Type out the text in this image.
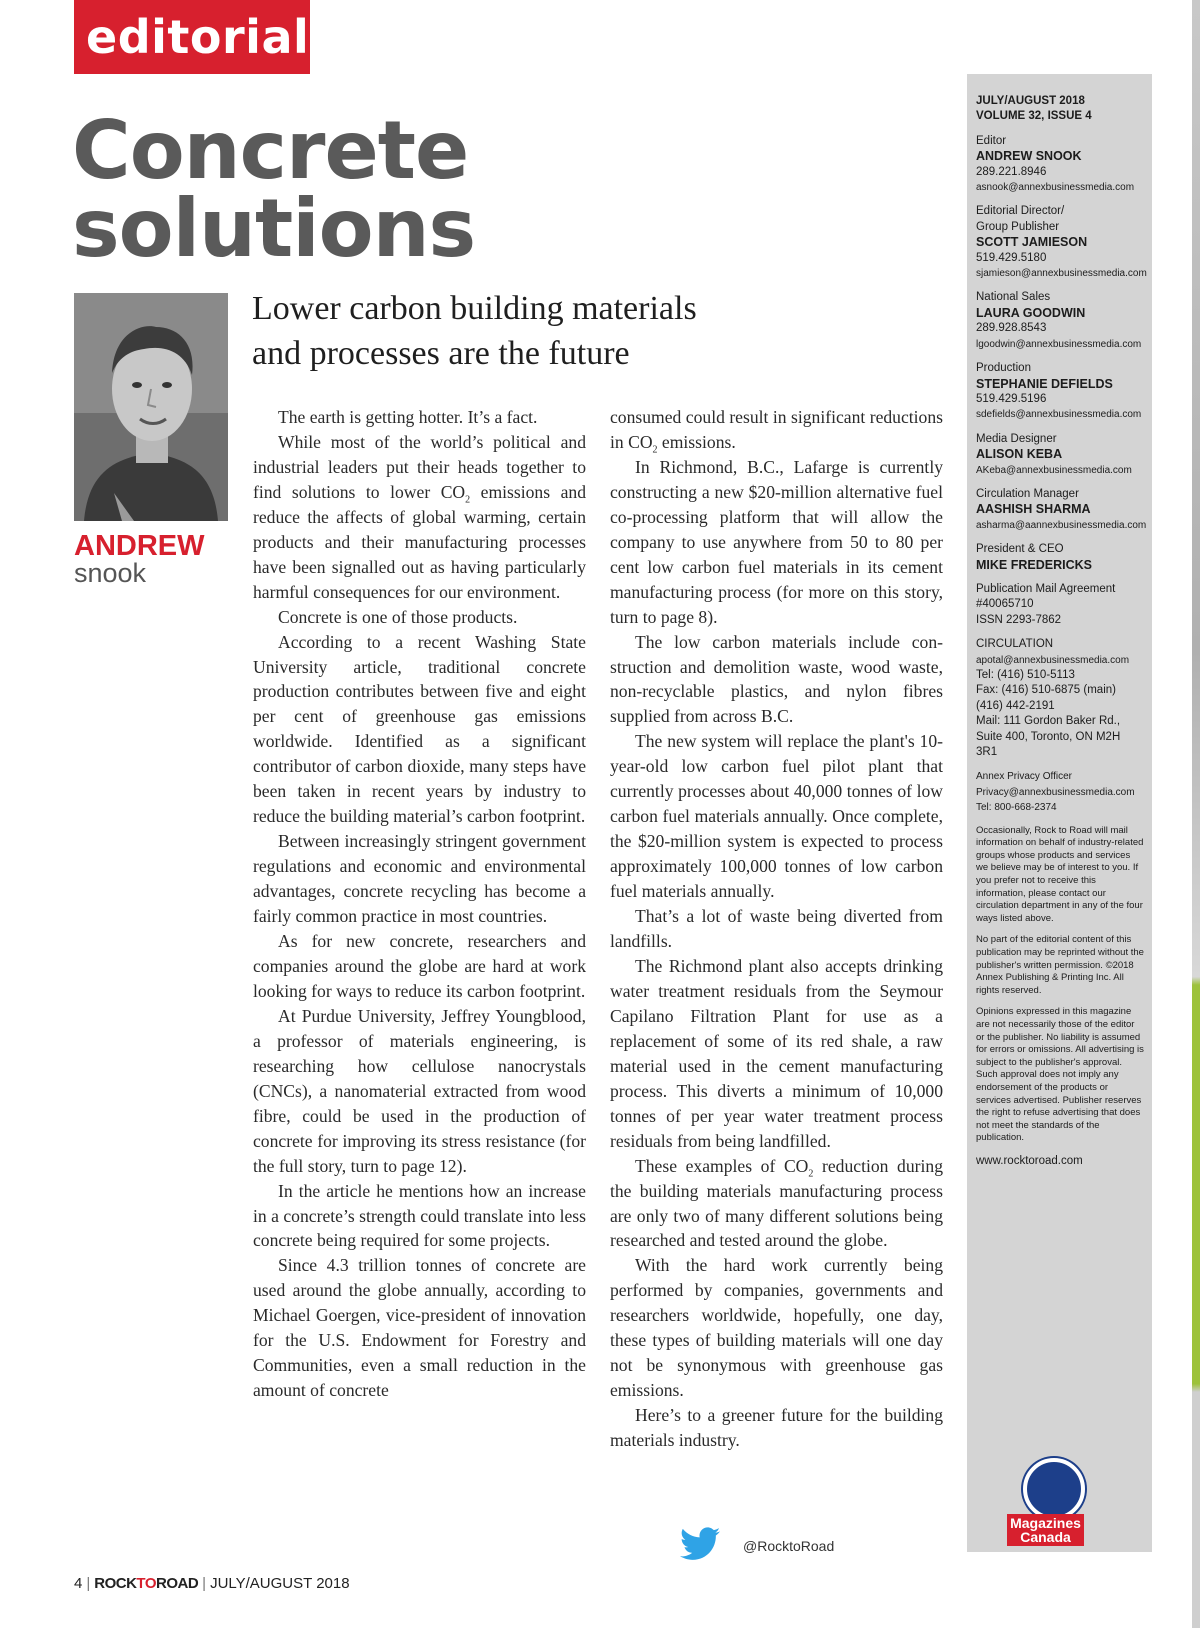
editorial
Concrete
solutions
ANDREW
snook
Lower carbon building materials
and processes are the future

The earth is getting hotter. It’s a fact.

While most of the world’s political and industrial leaders put their heads together to find solutions to lower $CO_2$ emissions and reduce the affects of global warming, certain products and their manufacturing processes have been signalled out as having particularly harmful consequences for our environment.

Concrete is one of those products.

According to a recent Washing State University article, traditional concrete production contributes between five and eight per cent of greenhouse gas emissions worldwide. Identified as a significant contributor of carbon dioxide, many steps have been taken in recent years by industry to reduce the building material’s carbon footprint.

Between increasingly stringent government regulations and economic and environmental advantages, concrete recycling has become a fairly common practice in most countries.

As for new concrete, researchers and companies around the globe are hard at work looking for ways to reduce its carbon footprint.

At Purdue University, Jeffrey Youngblood, a professor of materials engineering, is researching how cellulose nanocrystals (CNCs), a nanomaterial extracted from wood fibre, could be used in the production of concrete for improving its stress resistance (for the full story, turn to page 12).

In the article he mentions how an increase in a concrete’s strength could translate into less concrete being required for some projects.

Since 4.3 trillion tonnes of concrete are used around the globe annually, according to Michael Goergen, vice-president of innovation for the U.S. Endowment for Forestry and Communities, even a small reduction in the amount of concrete

consumed could result in significant reductions in $CO_2$ emissions.

In Richmond, B.C., Lafarge is currently constructing a new $20-million alternative fuel co-processing platform that will allow the company to use anywhere from 50 to 80 per cent low carbon fuel materials in its cement manufacturing process (for more on this story, turn to page 8).

The low carbon materials include construction and demolition waste, wood waste, non-recyclable plastics, and nylon fibres supplied from across B.C.

The new system will replace the plant's 10-year-old low carbon fuel pilot plant that currently processes about 40,000 tonnes of low carbon fuel materials annually. Once complete, the $20-million system is expected to process approximately 100,000 tonnes of low carbon fuel materials annually.

That’s a lot of waste being diverted from landfills.

The Richmond plant also accepts drinking water treatment residuals from the Seymour Capilano Filtration Plant for use as a replacement of some of its red shale, a raw material used in the cement manufacturing process. This diverts a minimum of 10,000 tonnes of per year water treatment process residuals from being landfilled.

These examples of $CO_2$ reduction during the building materials manufacturing process are only two of many different solutions being researched and tested around the globe.

With the hard work currently being performed by companies, governments and researchers worldwide, hopefully, one day, these types of building materials will one day not be synonymous with greenhouse gas emissions.

Here’s to a greener future for the building materials industry.

@RocktoRoad
JULY/AUGUST 2018
VOLUME 32, ISSUE 4
Editor
ANDREW SNOOK
289.221.8946
asnook@annexbusinessmedia.com
Editorial Director/
Group Publisher
SCOTT JAMIESON
519.429.5180
sjamieson@annexbusinessmedia.com
National Sales
LAURA GOODWIN
289.928.8543
lgoodwin@annexbusinessmedia.com
Production
STEPHANIE DEFIELDS
519.429.5196
sdefields@annexbusinessmedia.com
Media Designer
ALISON KEBA
AKeba@annexbusinessmedia.com
Circulation Manager
AASHISH SHARMA
asharma@aannexbusinessmedia.com
President & CEO
MIKE FREDERICKS
Publication Mail Agreement
#40065710
ISSN 2293-7862
CIRCULATION
apotal@annexbusinessmedia.com
Tel: (416) 510-5113
Fax: (416) 510-6875 (main)
(416) 442-2191
Mail: 111 Gordon Baker Rd.,
Suite 400, Toronto, ON M2H 3R1
Annex Privacy Officer
Privacy@annexbusinessmedia.com
Tel: 800-668-2374
Occasionally, Rock to Road will mail information on behalf of industry-related groups whose products and services we believe may be of interest to you. If you prefer not to receive this information, please contact our circulation department in any of the four ways listed above.
No part of the editorial content of this publication may be reprinted without the publisher's written permission. ©2018 Annex Publishing & Printing Inc. All rights reserved.
Opinions expressed in this magazine are not necessarily those of the editor or the publisher. No liability is assumed for errors or omissions. All advertising is subject to the publisher's approval. Such approval does not imply any endorsement of the products or services advertised. Publisher reserves the right to refuse advertising that does not meet the standards of the publication.
www.rocktoroad.com
Magazines
Canada
4 | ROCKTOROAD | JULY/AUGUST 2018
